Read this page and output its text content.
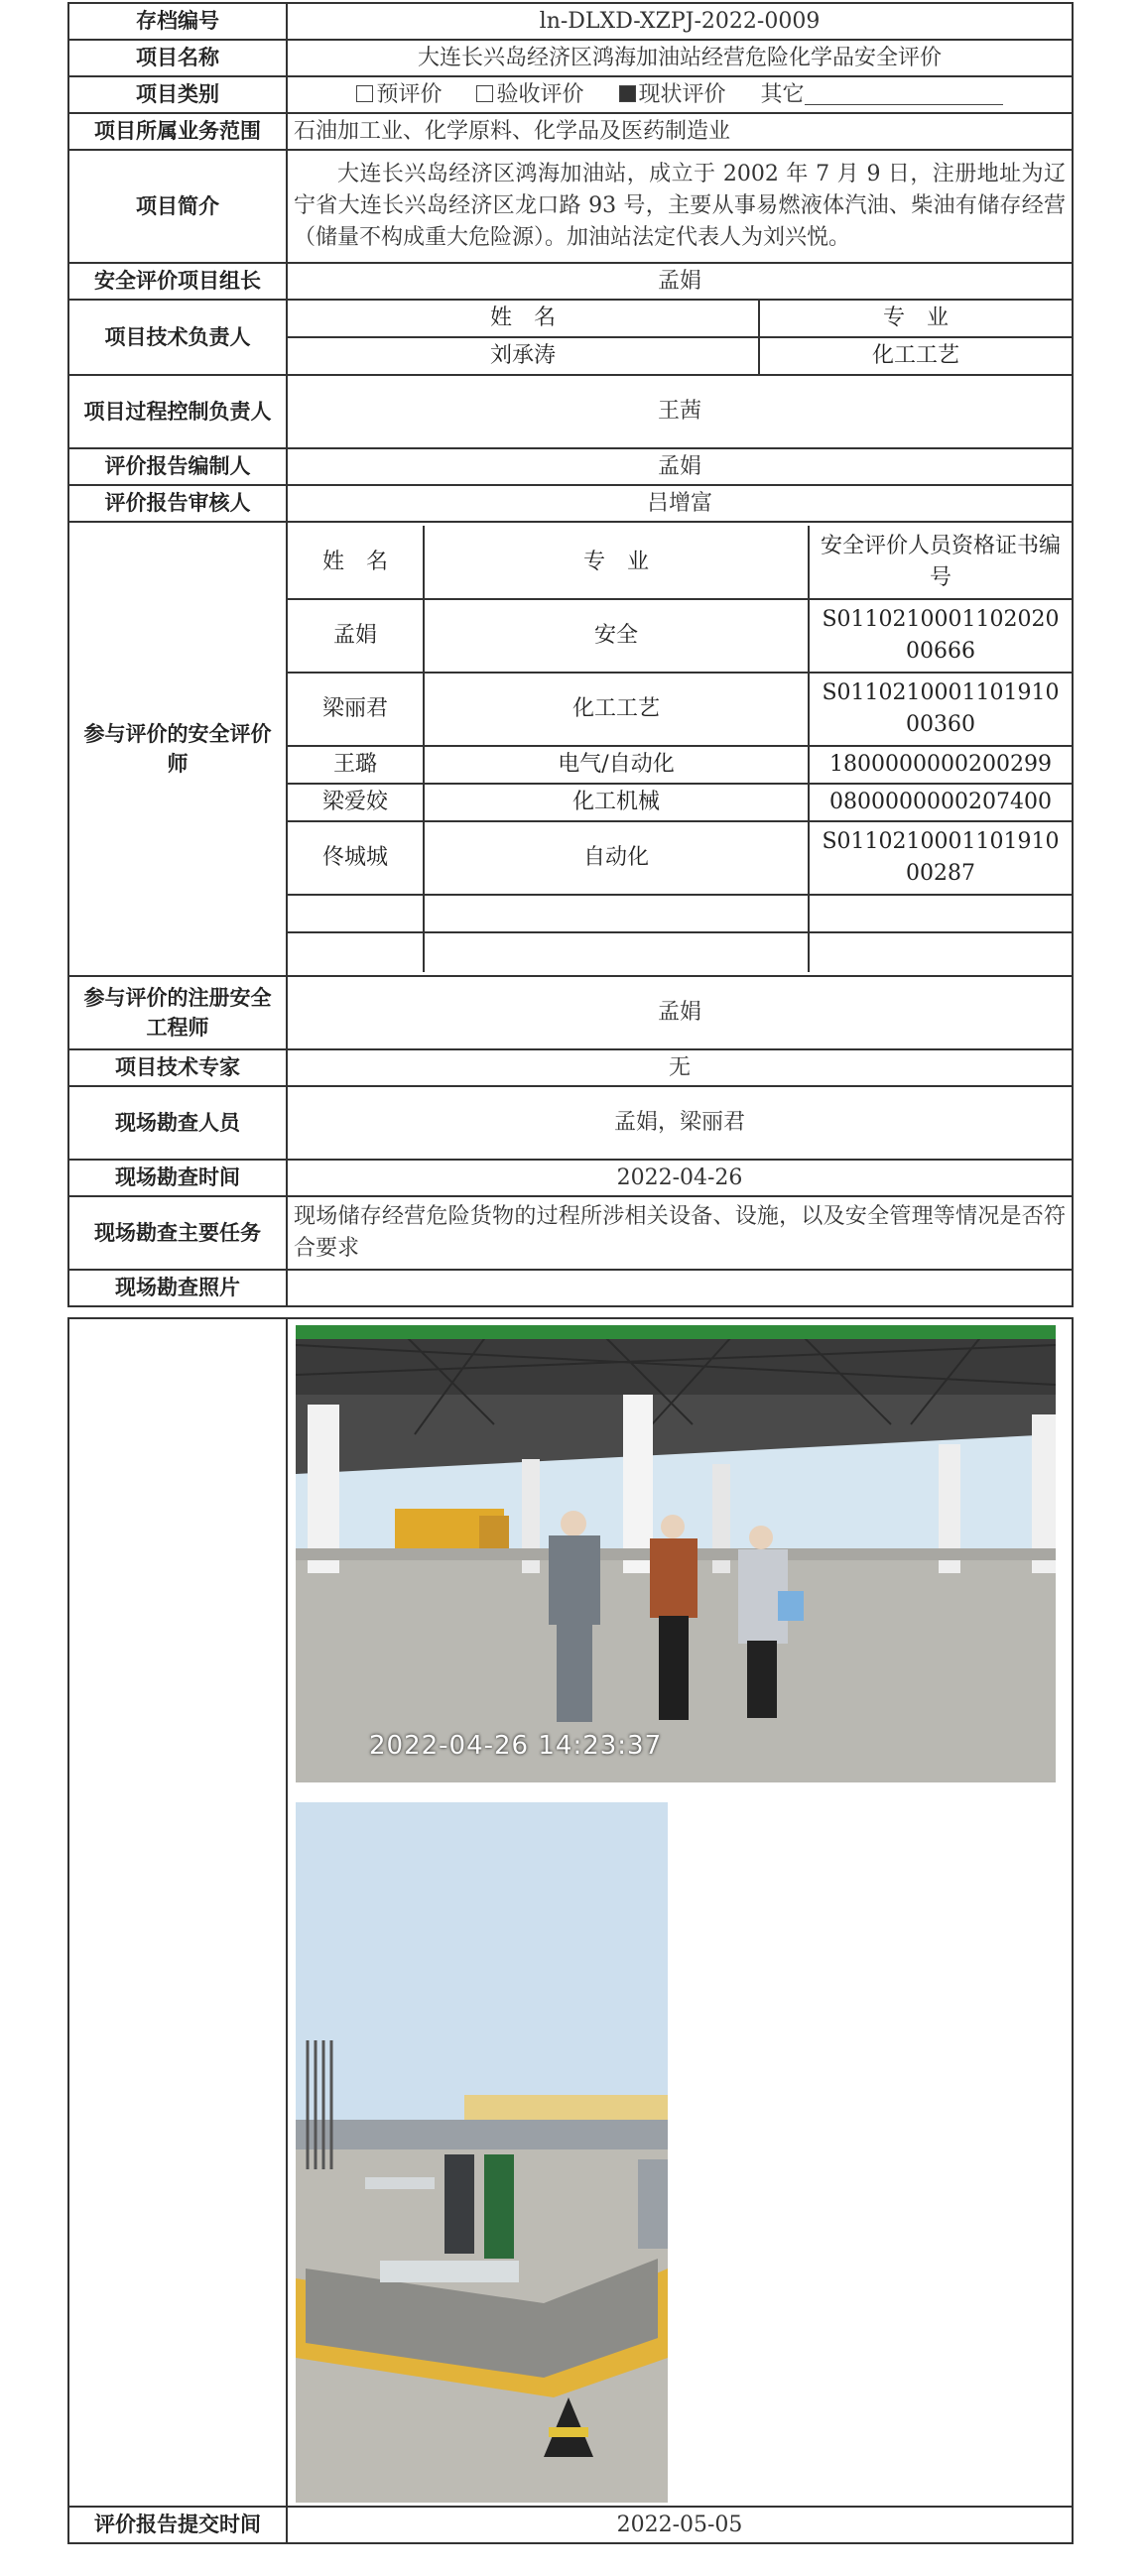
存档编号	ln-DLXD-XZPJ-2022-0009
项目名称	大连长兴岛经济区鸿海加油站经营危险化学品安全评价
项目类别	预评价	验收评价	现状评价 其它
项目所属业务范围	石油加工业、化学原料、化学品及医药制造业
项目简介	大连长兴岛经济区鸿海加油站，成立于 2002 年 7 月 9 日，注册地址为辽宁省大连长兴岛经济区龙口路 93 号，主要从事易燃液体汽油、柴油有储存经营（储量不构成重大危险源）。加油站法定代表人为刘兴悦。
安全评价项目组长	孟娟
项目技术负责人	
姓　名	专　业
刘承涛	化工工艺

项目过程控制负责人	王茜
评价报告编制人	孟娟
评价报告审核人	吕增富
参与评价的安全评价师	
姓　名	专　业	安全评价人员资格证书编号
孟娟	安全	S011021000110202000666
梁丽君	化工工艺	S011021000110191000360
王璐	电气/自动化	1800000000200299
梁爱姣	化工机械	0800000000207400
佟城城	自动化	S011021000110191000287

参与评价的注册安全工程师	孟娟
项目技术专家	无
现场勘查人员	孟娟，梁丽君
现场勘查时间	2022-04-26
现场勘查主要任务	现场储存经营危险货物的过程所涉相关设备、设施，以及安全管理等情况是否符合要求
现场勘查照片	

	2022-04-26 14:23:37

评价报告提交时间	2022-05-05
